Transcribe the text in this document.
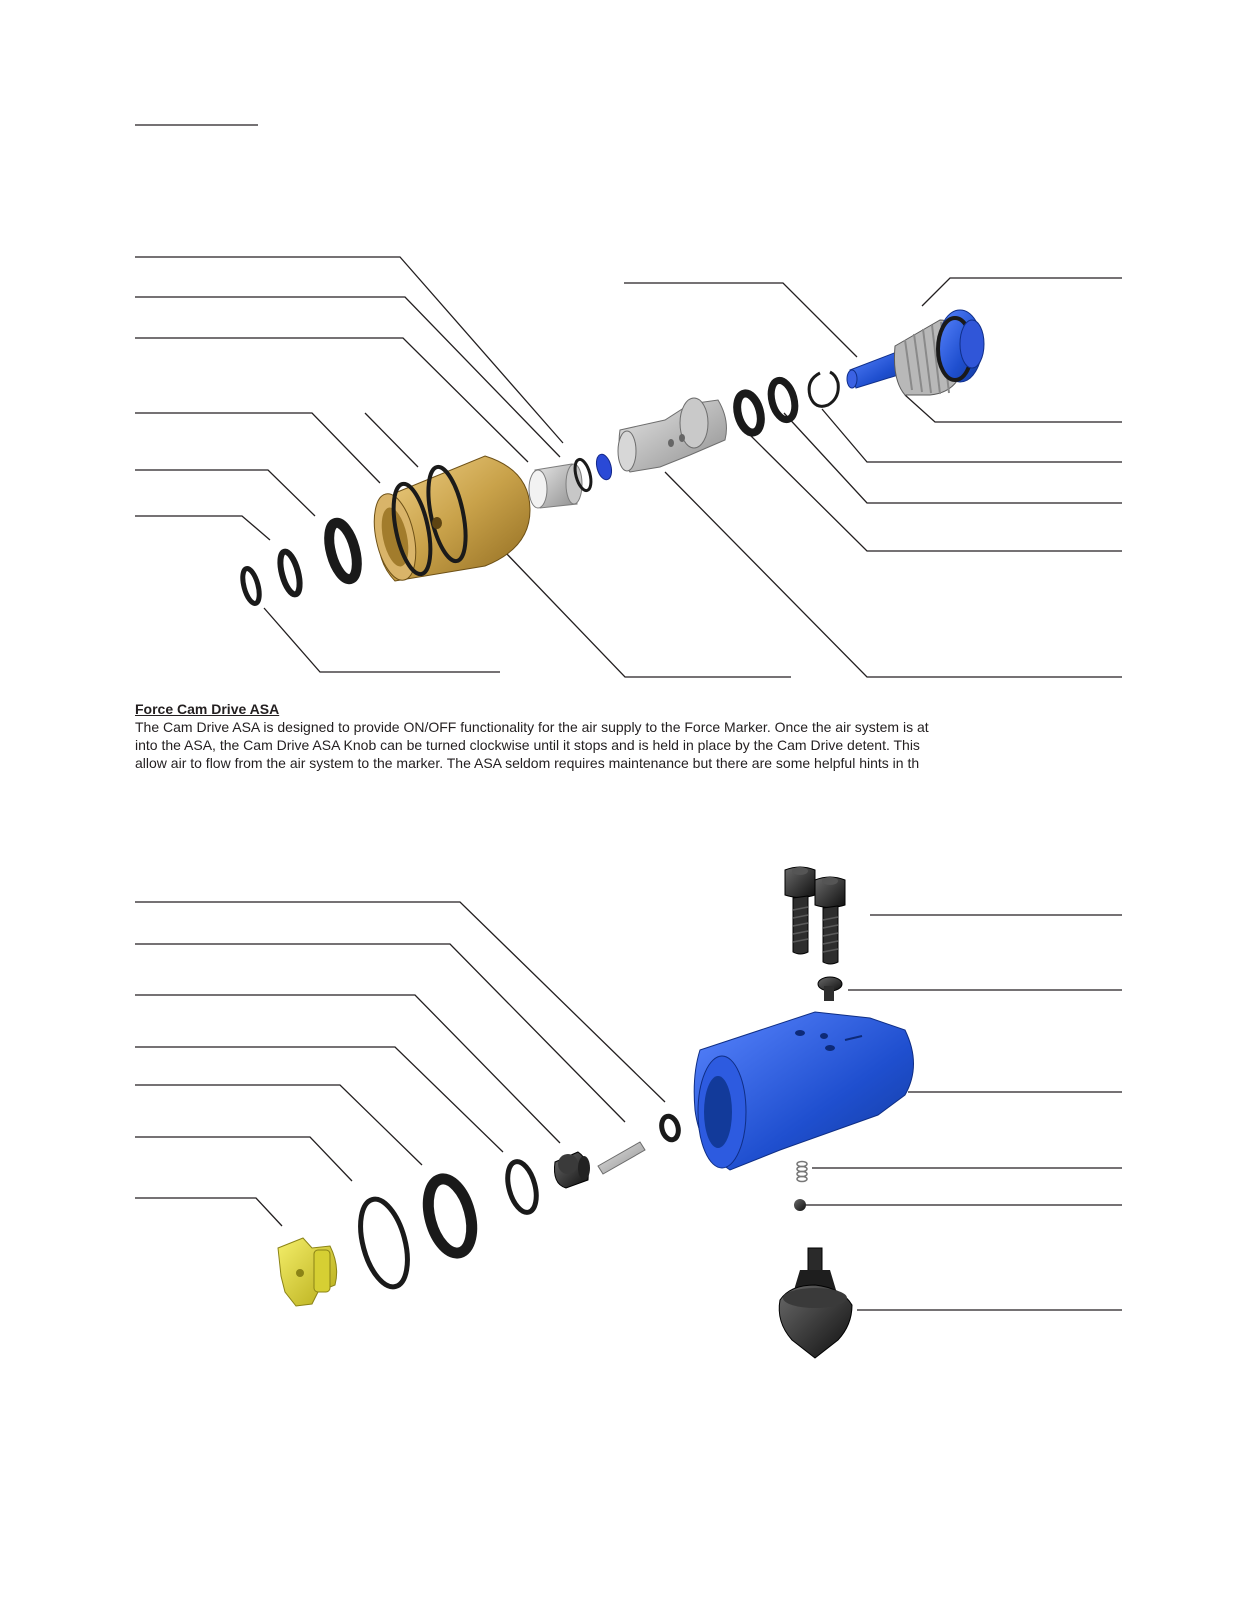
Force Cam Drive ASA

The Cam Drive ASA is designed to provide ON/OFF functionality for the air supply to the Force Marker. Once the air system is at

into the ASA, the Cam Drive ASA Knob can be turned clockwise until it stops and is held in place by the Cam Drive detent. This

allow air to flow from the air system to the marker. The ASA seldom requires maintenance but there are some helpful hints in th
